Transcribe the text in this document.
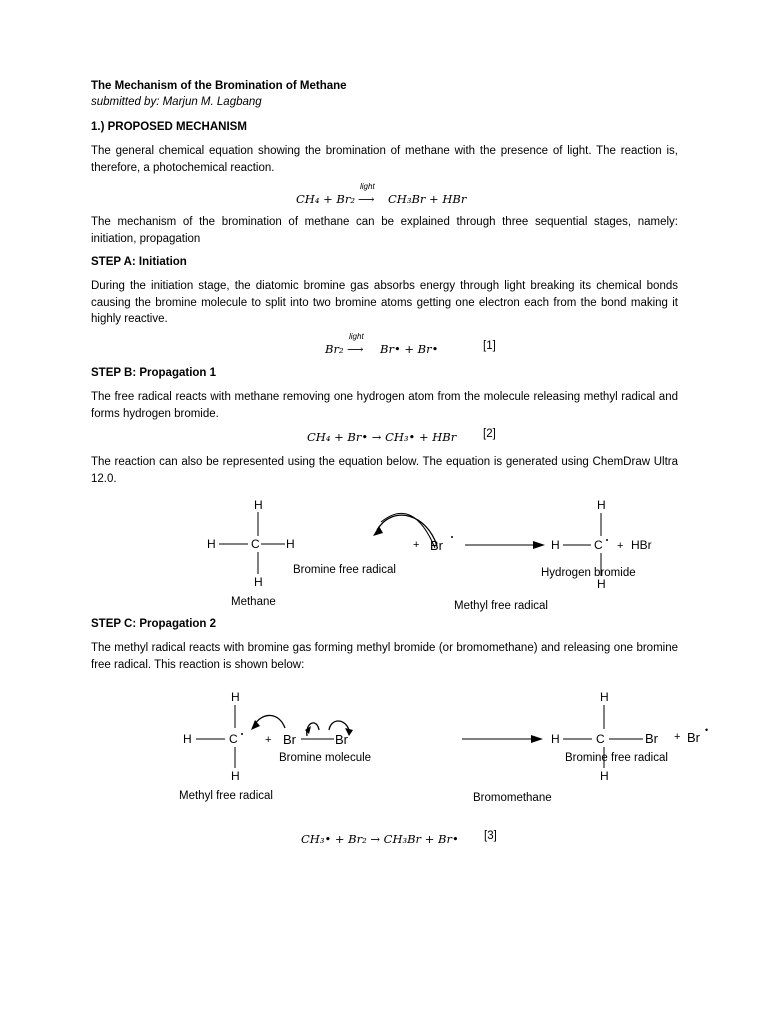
The Mechanism of the Bromination of Methane

submitted by: Marjun M. Lagbang

1.) PROPOSED MECHANISM

The general chemical equation showing the bromination of methane with the presence of light. The reaction is, therefore, a photochemical reaction.

CH₄ + Br₂
light
⟶ CH₃Br + HBr

The mechanism of the bromination of methane can be explained through three sequential stages, namely: initiation, propagation

STEP A: Initiation

During the initiation stage, the diatomic bromine gas absorbs energy through light breaking its chemical bonds causing the bromine molecule to split into two bromine atoms getting one electron each from the bond making it highly reactive.

Br₂
light
⟶ Br• + Br•	[1]

STEP B: Propagation 1

The free radical reacts with methane removing one hydrogen atom from the molecule releasing methyl radical and forms hydrogen bromide.

CH₄ + Br• → CH₃• + HBr [2]

The reaction can also be represented using the equation below. The equation is generated using ChemDraw Ultra 12.0.

H
H	C H
H
+ Br	H	C
H
H
+ HBr
Bromine free radical	Hydrogen bromide
Methane	Methyl free radical

STEP C: Propagation 2

The methyl radical reacts with bromine gas forming methyl bromide (or bromomethane) and releasing one bromine free radical. This reaction is shown below:

H
H	C
H
+ Br	Br	H	C
H
H
Br + Br •
Bromine molecule	Bromine free radical
Methyl free radical	Bromomethane
CH₃• + Br₂ → CH₃Br + Br• [3]
